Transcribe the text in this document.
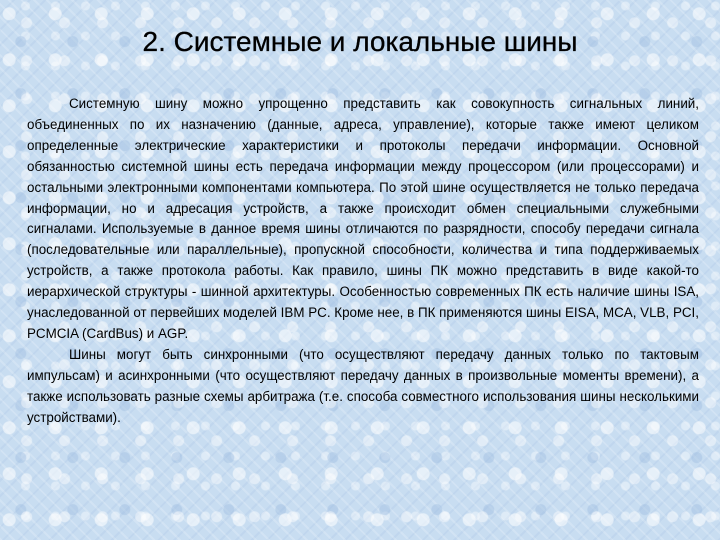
2. Системные и локальные шины

Системную шину можно упрощенно представить как совокупность сигнальных линий, объединенных по их назначению (данные, адреса, управление), которые также имеют целиком определенные электрические характеристики и протоколы передачи информации. Основной обязанностью системной шины есть передача информации между процессором (или процессорами) и остальными электронными компонентами компьютера. По этой шине осуществляется не только передача информации, но и адресация устройств, а также происходит обмен специальными служебными сигналами. Используемые в данное время шины отличаются по разрядности, способу передачи сигнала (последовательные или параллельные), пропускной способности, количества и типа поддерживаемых устройств, а также протокола работы. Как правило, шины ПК можно представить в виде какой-то иерархической структуры - шинной архитектуры. Особенностью современных ПК есть наличие шины ISA, унаследованной от первейших моделей IBM PC. Кроме нее, в ПК применяются шины EISA, MCA, VLB, PCI, PCMCIA (CardBus) и AGP.

Шины могут быть синхронными (что осуществляют передачу данных только по тактовым импульсам) и асинхронными (что осуществляют передачу данных в произвольные моменты времени), а также использовать разные схемы арбитража (т.е. способа совместного использования шины несколькими устройствами).
